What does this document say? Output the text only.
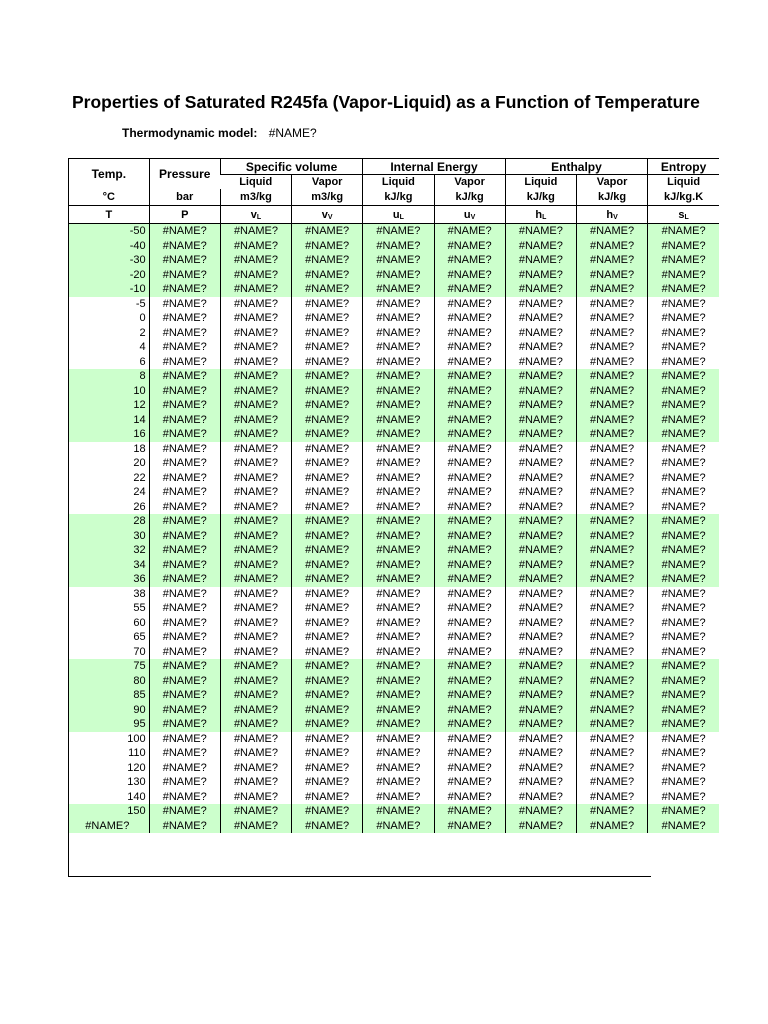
Properties of Saturated R245fa (Vapor-Liquid) as a Function of Temperature
Thermodynamic model: #NAME?
Temp.	Pressure	Specific volume		Internal Energy		Enthalpy		Entropy
		Liquid	Vapor	Liquid	Vapor	Liquid	Vapor	Liquid
°C	bar	m3/kg	m3/kg	kJ/kg	kJ/kg	kJ/kg	kJ/kg	kJ/kg.K
T	P	$v_L$	$v_V$	$u_L$	$u_V$	$h_L$	$h_V$	$s_L$
-50	#NAME?	#NAME?	#NAME?	#NAME?	#NAME?	#NAME?	#NAME?	#NAME?
-40	#NAME?	#NAME?	#NAME?	#NAME?	#NAME?	#NAME?	#NAME?	#NAME?
-30	#NAME?	#NAME?	#NAME?	#NAME?	#NAME?	#NAME?	#NAME?	#NAME?
-20	#NAME?	#NAME?	#NAME?	#NAME?	#NAME?	#NAME?	#NAME?	#NAME?
-10	#NAME?	#NAME?	#NAME?	#NAME?	#NAME?	#NAME?	#NAME?	#NAME?
-5	#NAME?	#NAME?	#NAME?	#NAME?	#NAME?	#NAME?	#NAME?	#NAME?
0	#NAME?	#NAME?	#NAME?	#NAME?	#NAME?	#NAME?	#NAME?	#NAME?
2	#NAME?	#NAME?	#NAME?	#NAME?	#NAME?	#NAME?	#NAME?	#NAME?
4	#NAME?	#NAME?	#NAME?	#NAME?	#NAME?	#NAME?	#NAME?	#NAME?
6	#NAME?	#NAME?	#NAME?	#NAME?	#NAME?	#NAME?	#NAME?	#NAME?
8	#NAME?	#NAME?	#NAME?	#NAME?	#NAME?	#NAME?	#NAME?	#NAME?
10	#NAME?	#NAME?	#NAME?	#NAME?	#NAME?	#NAME?	#NAME?	#NAME?
12	#NAME?	#NAME?	#NAME?	#NAME?	#NAME?	#NAME?	#NAME?	#NAME?
14	#NAME?	#NAME?	#NAME?	#NAME?	#NAME?	#NAME?	#NAME?	#NAME?
16	#NAME?	#NAME?	#NAME?	#NAME?	#NAME?	#NAME?	#NAME?	#NAME?
18	#NAME?	#NAME?	#NAME?	#NAME?	#NAME?	#NAME?	#NAME?	#NAME?
20	#NAME?	#NAME?	#NAME?	#NAME?	#NAME?	#NAME?	#NAME?	#NAME?
22	#NAME?	#NAME?	#NAME?	#NAME?	#NAME?	#NAME?	#NAME?	#NAME?
24	#NAME?	#NAME?	#NAME?	#NAME?	#NAME?	#NAME?	#NAME?	#NAME?
26	#NAME?	#NAME?	#NAME?	#NAME?	#NAME?	#NAME?	#NAME?	#NAME?
28	#NAME?	#NAME?	#NAME?	#NAME?	#NAME?	#NAME?	#NAME?	#NAME?
30	#NAME?	#NAME?	#NAME?	#NAME?	#NAME?	#NAME?	#NAME?	#NAME?
32	#NAME?	#NAME?	#NAME?	#NAME?	#NAME?	#NAME?	#NAME?	#NAME?
34	#NAME?	#NAME?	#NAME?	#NAME?	#NAME?	#NAME?	#NAME?	#NAME?
36	#NAME?	#NAME?	#NAME?	#NAME?	#NAME?	#NAME?	#NAME?	#NAME?
38	#NAME?	#NAME?	#NAME?	#NAME?	#NAME?	#NAME?	#NAME?	#NAME?
55	#NAME?	#NAME?	#NAME?	#NAME?	#NAME?	#NAME?	#NAME?	#NAME?
60	#NAME?	#NAME?	#NAME?	#NAME?	#NAME?	#NAME?	#NAME?	#NAME?
65	#NAME?	#NAME?	#NAME?	#NAME?	#NAME?	#NAME?	#NAME?	#NAME?
70	#NAME?	#NAME?	#NAME?	#NAME?	#NAME?	#NAME?	#NAME?	#NAME?
75	#NAME?	#NAME?	#NAME?	#NAME?	#NAME?	#NAME?	#NAME?	#NAME?
80	#NAME?	#NAME?	#NAME?	#NAME?	#NAME?	#NAME?	#NAME?	#NAME?
85	#NAME?	#NAME?	#NAME?	#NAME?	#NAME?	#NAME?	#NAME?	#NAME?
90	#NAME?	#NAME?	#NAME?	#NAME?	#NAME?	#NAME?	#NAME?	#NAME?
95	#NAME?	#NAME?	#NAME?	#NAME?	#NAME?	#NAME?	#NAME?	#NAME?
100	#NAME?	#NAME?	#NAME?	#NAME?	#NAME?	#NAME?	#NAME?	#NAME?
110	#NAME?	#NAME?	#NAME?	#NAME?	#NAME?	#NAME?	#NAME?	#NAME?
120	#NAME?	#NAME?	#NAME?	#NAME?	#NAME?	#NAME?	#NAME?	#NAME?
130	#NAME?	#NAME?	#NAME?	#NAME?	#NAME?	#NAME?	#NAME?	#NAME?
140	#NAME?	#NAME?	#NAME?	#NAME?	#NAME?	#NAME?	#NAME?	#NAME?
150	#NAME?	#NAME?	#NAME?	#NAME?	#NAME?	#NAME?	#NAME?	#NAME?
#NAME?	#NAME?	#NAME?	#NAME?	#NAME?	#NAME?	#NAME?	#NAME?	#NAME?
